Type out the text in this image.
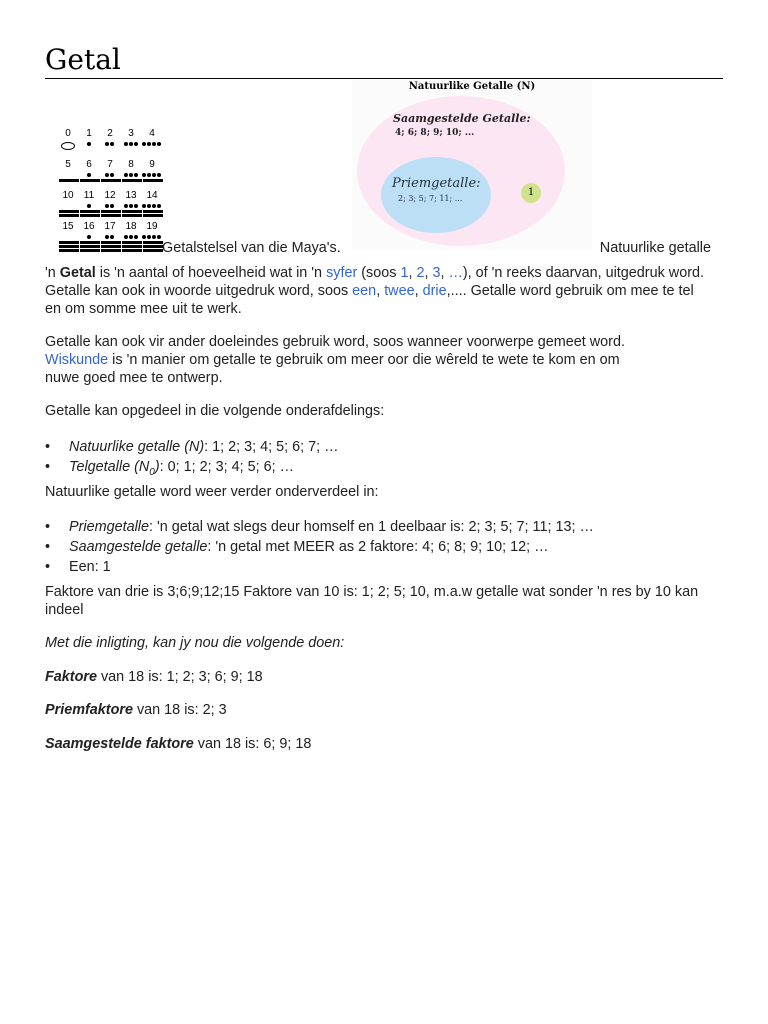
Getal
0	1	2	3	4
5	6	7	8	9
10	11	12 13 14
15 16 17 18 19
Getalstelsel van die Maya's.
Natuurlike Getalle (N)
Saamgestelde Getalle:
4; 6; 8; 9; 10; ...
Priemgetalle:
2; 3; 5; 7; 11; ...
1
Natuurlike getalle

'n Getal is 'n aantal of hoeveelheid wat in 'n syfer (soos 1, 2, 3, …), of 'n reeks daarvan, uitgedruk word. Getalle kan ook in woorde uitgedruk word, soos een, twee, drie,.... Getalle word gebruik om mee te tel en om somme mee uit te werk.

Getalle kan ook vir ander doeleindes gebruik word, soos wanneer voorwerpe gemeet word. Wiskunde is 'n manier om getalle te gebruik om meer oor die wêreld te wete te kom en om nuwe goed mee te ontwerp.

Getalle kan opgedeel in die volgende onderafdelings:

• Natuurlike getalle (N): 1; 2; 3; 4; 5; 6; 7; …
• Telgetalle $(N_0)$: 0; 1; 2; 3; 4; 5; 6; …

Natuurlike getalle word weer verder onderverdeel in:

• Priemgetalle: 'n getal wat slegs deur homself en 1 deelbaar is: 2; 3; 5; 7; 11; 13; …
• Saamgestelde getalle: 'n getal met MEER as 2 faktore: 4; 6; 8; 9; 10; 12; …
• Een: 1

Faktore van drie is 3;6;9;12;15 Faktore van 10 is: 1; 2; 5; 10, m.a.w getalle wat sonder 'n res by 10 kan indeel

Met die inligting, kan jy nou die volgende doen:

Faktore van 18 is: 1; 2; 3; 6; 9; 18

Priemfaktore van 18 is: 2; 3

Saamgestelde faktore van 18 is: 6; 9; 18
